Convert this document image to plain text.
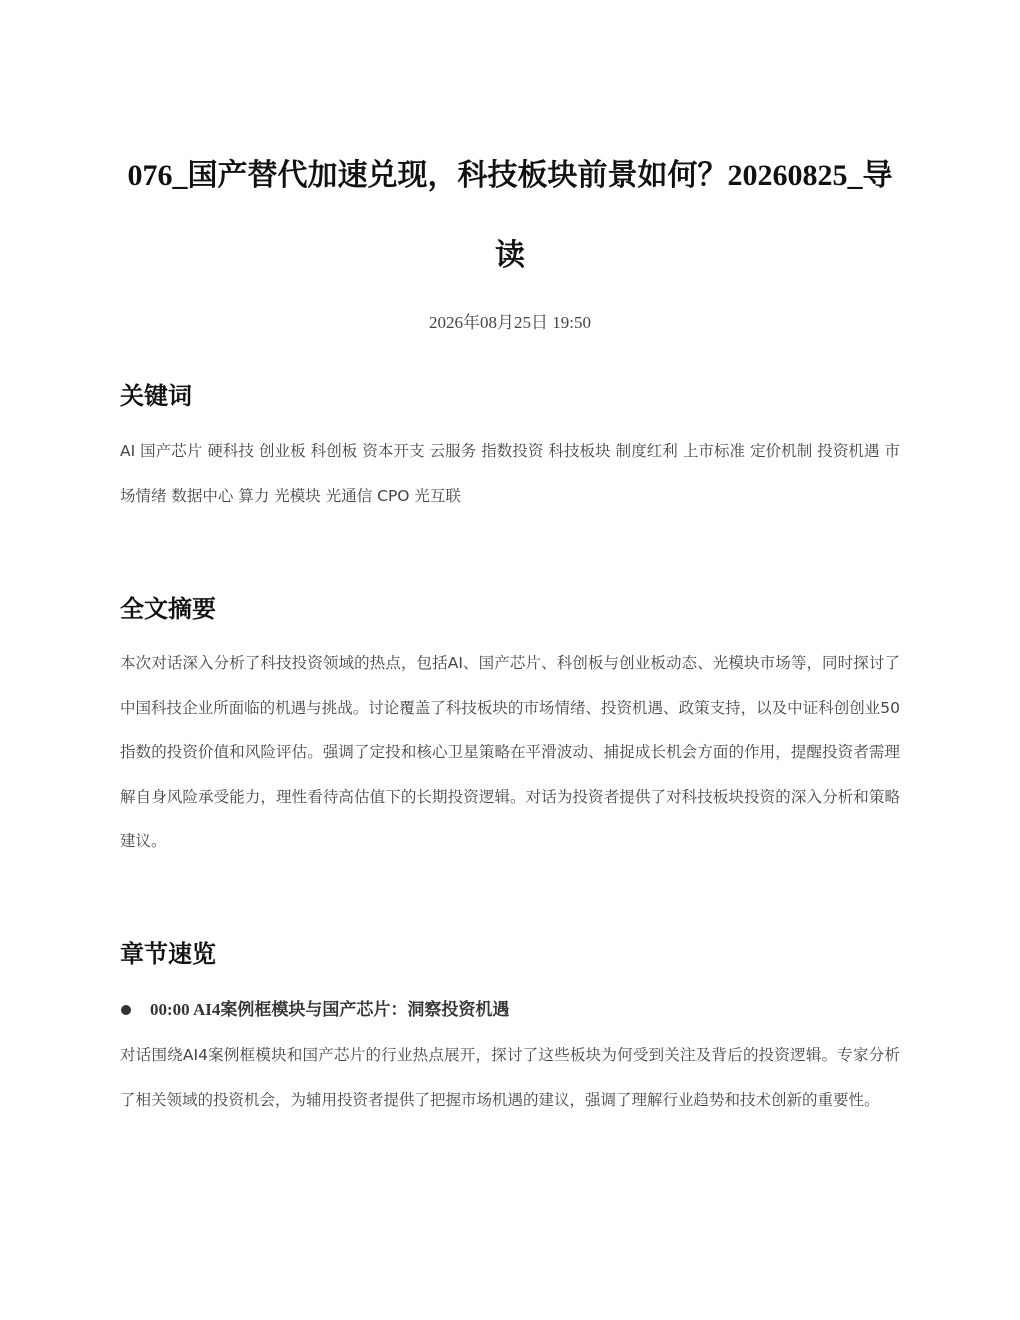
076_国产替代加速兑现，科技板块前景如何？20260825_导读
2026年08月25日 19:50
关键词

AI 国产芯片 硬科技 创业板 科创板 资本开支 云服务 指数投资 科技板块 制度红利 上市标准 定价机制 投资机遇 市场情绪 数据中心 算力 光模块 光通信 CPO 光互联

全文摘要

本次对话深入分析了科技投资领域的热点，包括AI、国产芯片、科创板与创业板动态、光模块市场等，同时探讨了中国科技企业所面临的机遇与挑战。讨论覆盖了科技板块的市场情绪、投资机遇、政策支持，以及中证科创创业50指数的投资价值和风险评估。强调了定投和核心卫星策略在平滑波动、捕捉成长机会方面的作用，提醒投资者需理解自身风险承受能力，理性看待高估值下的长期投资逻辑。对话为投资者提供了对科技板块投资的深入分析和策略建议。

章节速览
00:00 AI4案例框模块与国产芯片：洞察投资机遇

对话围绕AI4案例框模块和国产芯片的行业热点展开，探讨了这些板块为何受到关注及背后的投资逻辑。专家分析了相关领域的投资机会，为辅用投资者提供了把握市场机遇的建议，强调了理解行业趋势和技术创新的重要性。
